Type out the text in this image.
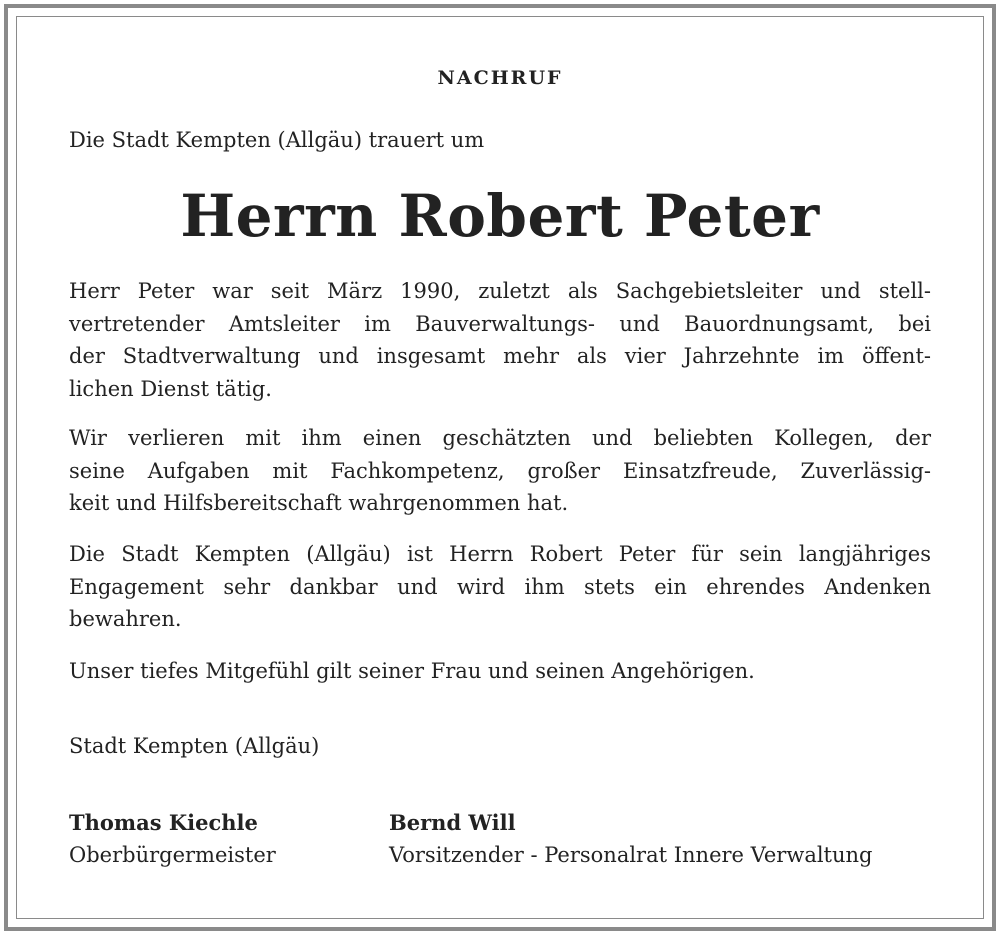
NACHRUF
Die Stadt Kempten (Allgäu) trauert um
Herrn Robert Peter
Herr Peter war seit März 1990, zuletzt als Sachgebietsleiter und stell-
vertretender Amtsleiter im Bauverwaltungs- und Bauordnungsamt, bei
der Stadtverwaltung und insgesamt mehr als vier Jahrzehnte im öffent-
lichen Dienst tätig.
Wir verlieren mit ihm einen geschätzten und beliebten Kollegen, der
seine Aufgaben mit Fachkompetenz, großer Einsatzfreude, Zuverlässig-
keit und Hilfsbereitschaft wahrgenommen hat.
Die Stadt Kempten (Allgäu) ist Herrn Robert Peter für sein langjähriges
Engagement sehr dankbar und wird ihm stets ein ehrendes Andenken
bewahren.
Unser tiefes Mitgefühl gilt seiner Frau und seinen Angehörigen.
Stadt Kempten (Allgäu)
Thomas Kiechle
Oberbürgermeister
Bernd Will
Vorsitzender - Personalrat Innere Verwaltung
